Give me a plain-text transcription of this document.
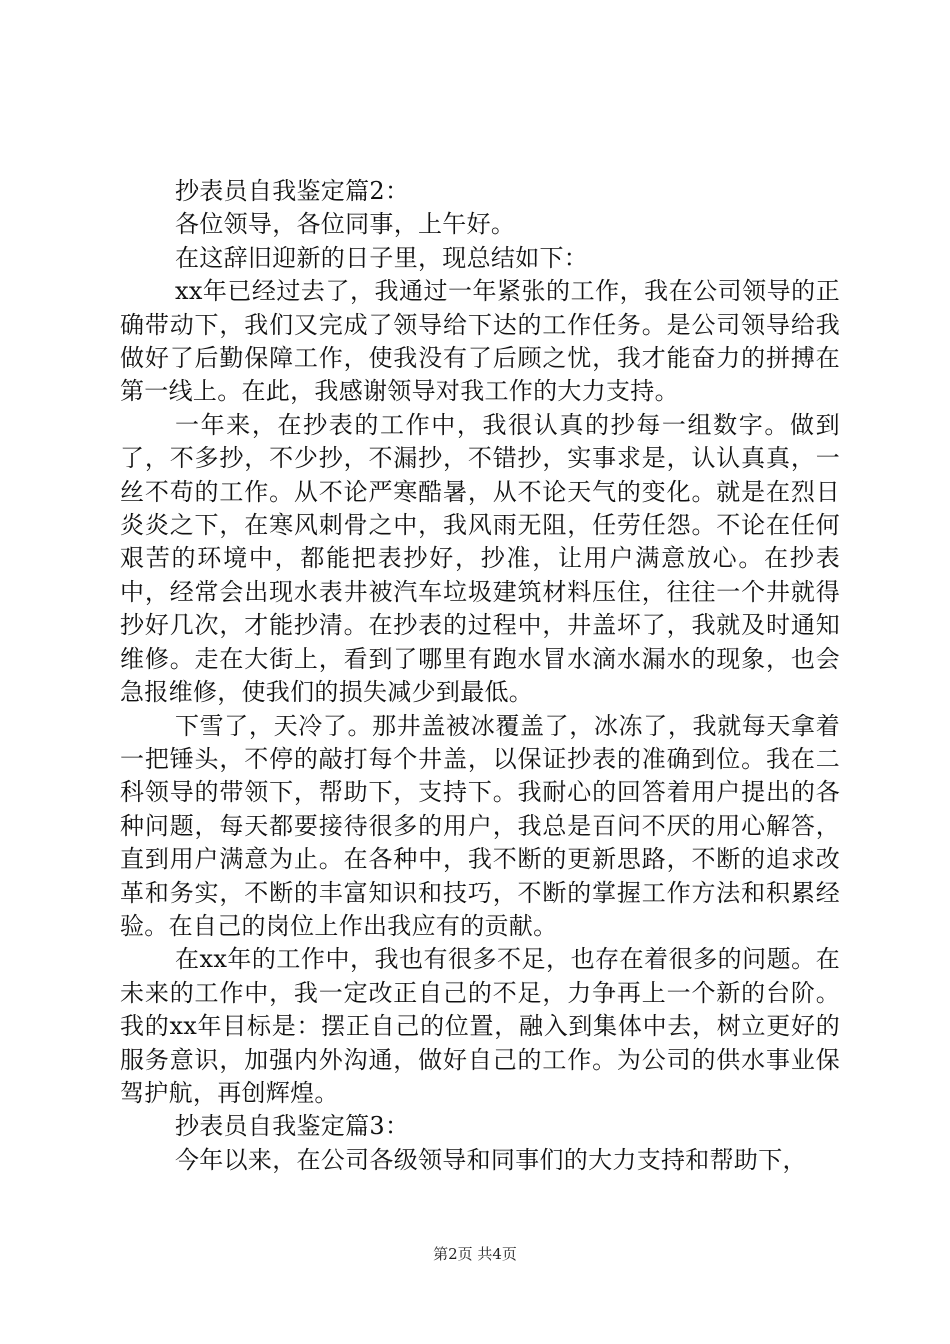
抄表员自我鉴定篇2：

各位领导，各位同事，上午好。

在这辞旧迎新的日子里，现总结如下：

xx年已经过去了，我通过一年紧张的工作，我在公司领导的正确带动下，我们又完成了领导给下达的工作任务。是公司领导给我做好了后勤保障工作，使我没有了后顾之忧，我才能奋力的拼搏在第一线上。在此，我感谢领导对我工作的大力支持。

一年来，在抄表的工作中，我很认真的抄每一组数字。做到了，不多抄，不少抄，不漏抄，不错抄，实事求是，认认真真，一丝不苟的工作。从不论严寒酷暑，从不论天气的变化。就是在烈日炎炎之下，在寒风刺骨之中，我风雨无阻，任劳任怨。不论在任何艰苦的环境中，都能把表抄好，抄准，让用户满意放心。在抄表中，经常会出现水表井被汽车垃圾建筑材料压住，往往一个井就得抄好几次，才能抄清。在抄表的过程中，井盖坏了，我就及时通知维修。走在大街上，看到了哪里有跑水冒水滴水漏水的现象，也会急报维修，使我们的损失减少到最低。

下雪了，天冷了。那井盖被冰覆盖了，冰冻了，我就每天拿着一把锤头，不停的敲打每个井盖，以保证抄表的准确到位。我在二科领导的带领下，帮助下，支持下。我耐心的回答着用户提出的各种问题，每天都要接待很多的用户，我总是百问不厌的用心解答，直到用户满意为止。在各种中，我不断的更新思路，不断的追求改革和务实，不断的丰富知识和技巧，不断的掌握工作方法和积累经验。在自己的岗位上作出我应有的贡献。

在xx年的工作中，我也有很多不足，也存在着很多的问题。在未来的工作中，我一定改正自己的不足，力争再上一个新的台阶。我的xx年目标是：摆正自己的位置，融入到集体中去，树立更好的服务意识，加强内外沟通，做好自己的工作。为公司的供水事业保驾护航，再创辉煌。

抄表员自我鉴定篇3：

今年以来，在公司各级领导和同事们的大力支持和帮助下，

第2页 共4页
